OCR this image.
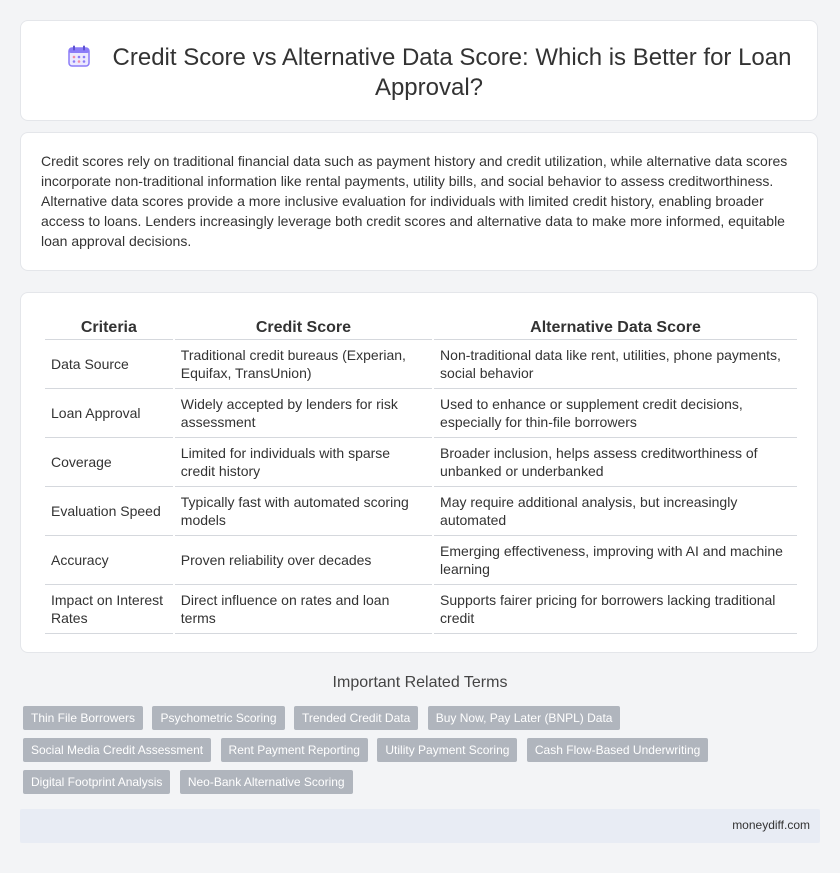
Credit Score vs Alternative Data Score: Which is Better for Loan Approval?
Credit scores rely on traditional financial data such as payment history and credit utilization, while alternative data scores incorporate non-traditional information like rental payments, utility bills, and social behavior to assess creditworthiness. Alternative data scores provide a more inclusive evaluation for individuals with limited credit history, enabling broader access to loans. Lenders increasingly leverage both credit scores and alternative data to make more informed, equitable loan approval decisions.
Criteria	Credit Score	Alternative Data Score
Data Source	Traditional credit bureaus (Experian, Equifax, TransUnion)	Non-traditional data like rent, utilities, phone payments, social behavior
Loan Approval	Widely accepted by lenders for risk assessment	Used to enhance or supplement credit decisions, especially for thin-file borrowers
Coverage	Limited for individuals with sparse credit history	Broader inclusion, helps assess creditworthiness of unbanked or underbanked
Evaluation Speed	Typically fast with automated scoring models	May require additional analysis, but increasingly automated
Accuracy	Proven reliability over decades	Emerging effectiveness, improving with AI and machine learning
Impact on Interest Rates	Direct influence on rates and loan terms	Supports fairer pricing for borrowers lacking traditional credit
Important Related Terms
Thin File Borrowers Psychometric Scoring Trended Credit Data Buy Now, Pay Later (BNPL) Data Social Media Credit Assessment Rent Payment Reporting Utility Payment Scoring Cash Flow-Based Underwriting Digital Footprint Analysis Neo-Bank Alternative Scoring
moneydiff.com
